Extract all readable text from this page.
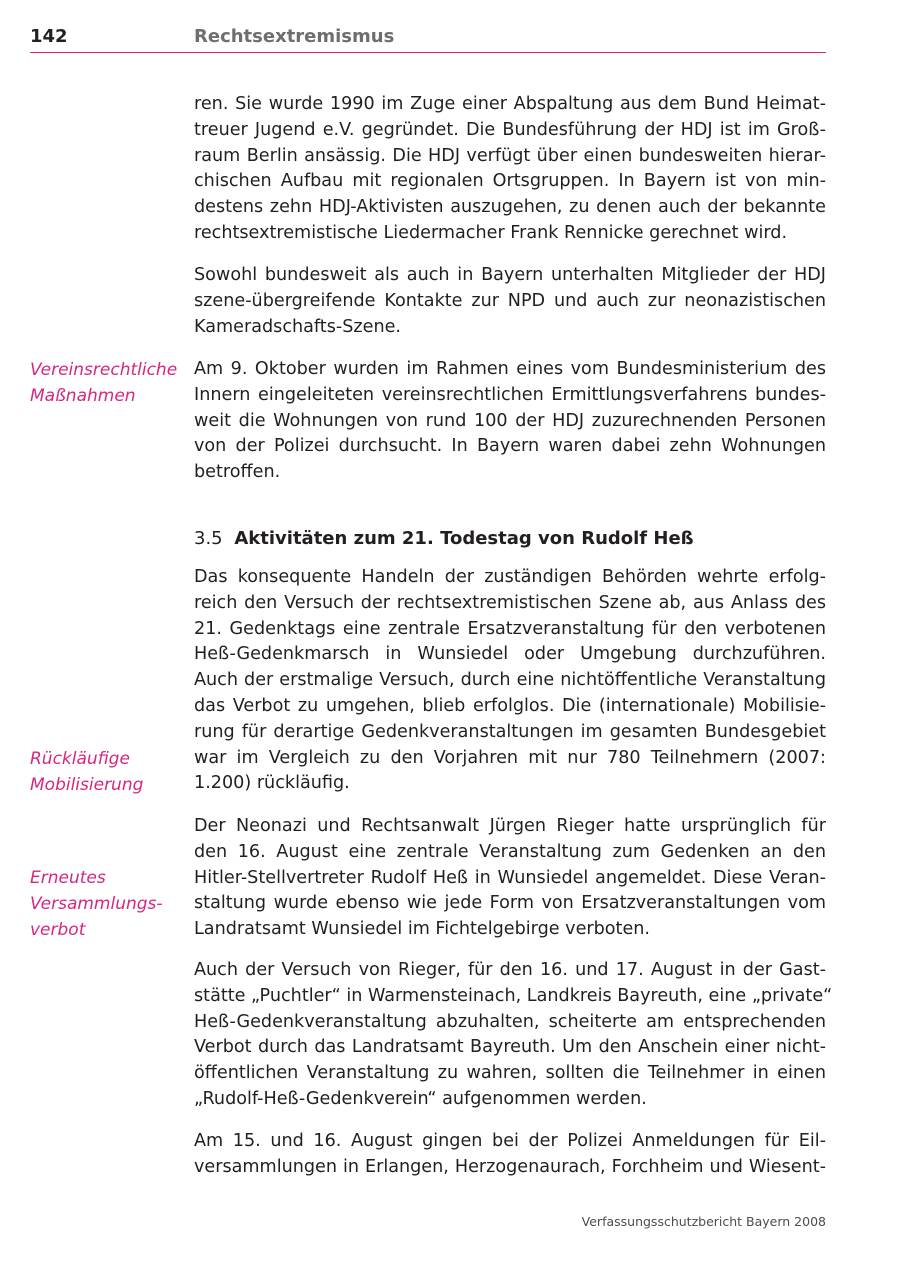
142	Rechtsextremismus
Vereinsrechtliche
Maßnahmen
Rückläufige
Mobilisierung
Erneutes
Versammlungs-
verbot

ren. Sie wurde 1990 im Zuge einer Abspaltung aus dem Bund Heimat-
treuer Jugend e.V. gegründet. Die Bundesführung der HDJ ist im Groß-
raum Berlin ansässig. Die HDJ verfügt über einen bundesweiten hierar-
chischen Aufbau mit regionalen Ortsgruppen. In Bayern ist von min-
destens zehn HDJ-Aktivisten auszugehen, zu denen auch der bekannte
rechtsextremistische Liedermacher Frank Rennicke gerechnet wird.

Sowohl bundesweit als auch in Bayern unterhalten Mitglieder der HDJ
szene-übergreifende Kontakte zur NPD und auch zur neonazistischen
Kameradschafts-Szene.

Am 9. Oktober wurden im Rahmen eines vom Bundesministerium des
Innern eingeleiteten vereinsrechtlichen Ermittlungsverfahrens bundes-
weit die Wohnungen von rund 100 der HDJ zuzurechnenden Personen
von der Polizei durchsucht. In Bayern waren dabei zehn Wohnungen
betroffen.

3.5 Aktivitäten zum 21. Todestag von Rudolf Heß

Das konsequente Handeln der zuständigen Behörden wehrte erfolg-
reich den Versuch der rechtsextremistischen Szene ab, aus Anlass des
21. Gedenktags eine zentrale Ersatzveranstaltung für den verbotenen
Heß-Gedenkmarsch in Wunsiedel oder Umgebung durchzuführen.
Auch der erstmalige Versuch, durch eine nichtöffentliche Veranstaltung
das Verbot zu umgehen, blieb erfolglos. Die (internationale) Mobilisie-
rung für derartige Gedenkveranstaltungen im gesamten Bundesgebiet
war im Vergleich zu den Vorjahren mit nur 780 Teilnehmern (2007:
1.200) rückläufig.

Der Neonazi und Rechtsanwalt Jürgen Rieger hatte ursprünglich für
den 16. August eine zentrale Veranstaltung zum Gedenken an den
Hitler-Stellvertreter Rudolf Heß in Wunsiedel angemeldet. Diese Veran-
staltung wurde ebenso wie jede Form von Ersatzveranstaltungen vom
Landratsamt Wunsiedel im Fichtelgebirge verboten.

Auch der Versuch von Rieger, für den 16. und 17. August in der Gast-
stätte „Puchtler“ in Warmensteinach, Landkreis Bayreuth, eine „private“
Heß-Gedenkveranstaltung abzuhalten, scheiterte am entsprechenden
Verbot durch das Landratsamt Bayreuth. Um den Anschein einer nicht-
öffentlichen Veranstaltung zu wahren, sollten die Teilnehmer in einen
„Rudolf-Heß-Gedenkverein“ aufgenommen werden.

Am 15. und 16. August gingen bei der Polizei Anmeldungen für Eil-
versammlungen in Erlangen, Herzogenaurach, Forchheim und Wiesent-

Verfassungsschutzbericht Bayern 2008
